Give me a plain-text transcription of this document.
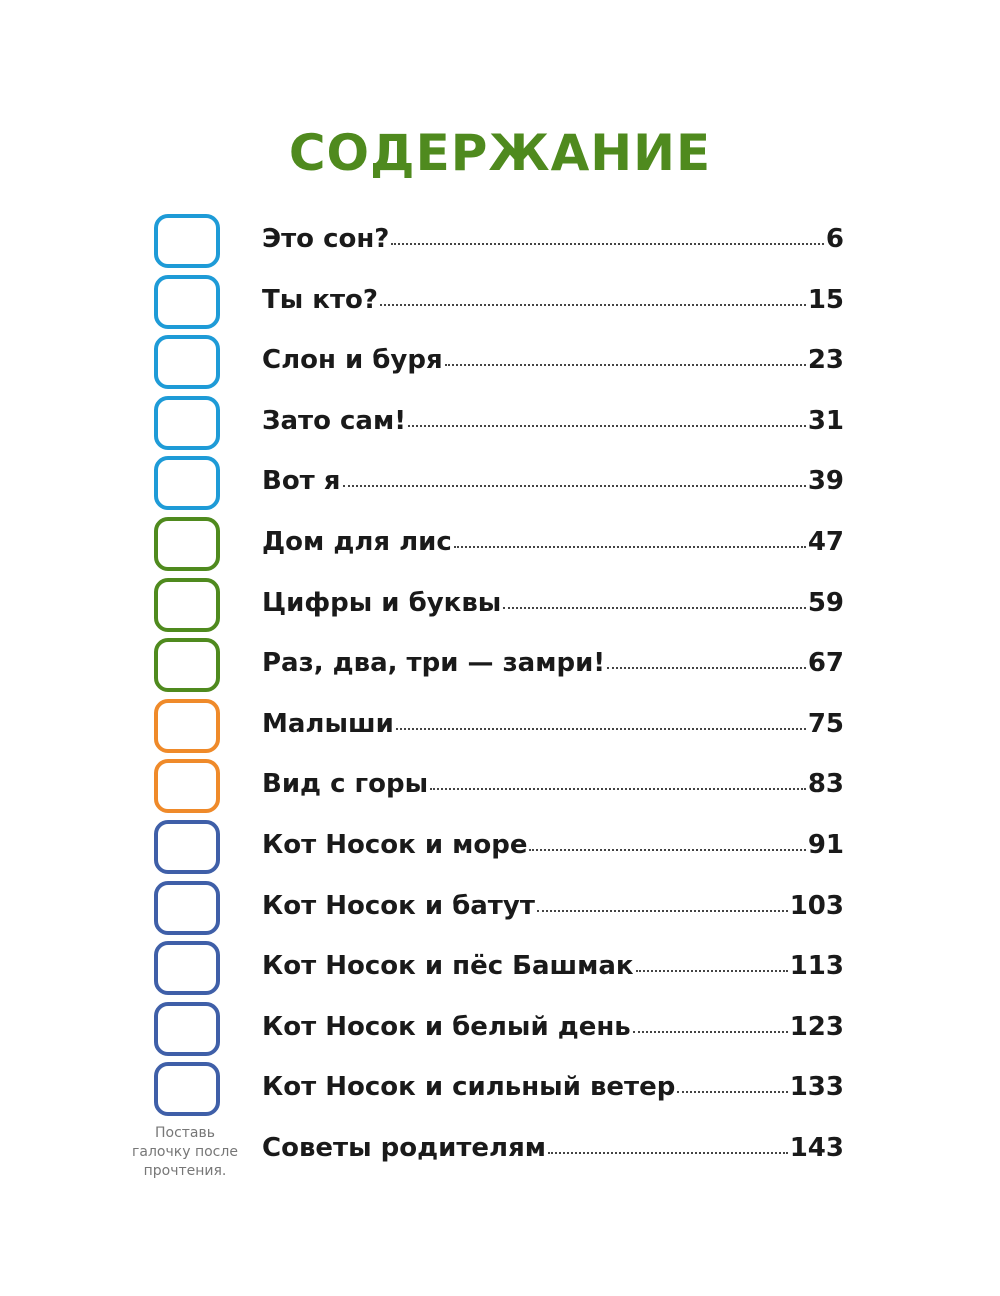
СОДЕРЖАНИЕ
Это сон?	6
Ты кто?	15
Слон и буря	23
Зато сам!	31
Вот я	39
Дом для лис	47
Цифры и буквы	59
Раз, два, три — замри!	67
Малыши	75
Вид с горы	83
Кот Носок и море	91
Кот Носок и батут	103
Кот Носок и пёс Башмак	113
Кот Носок и белый день	123
Кот Носок и сильный ветер	133
Советы родителям	143
Поставь галочку после прочтения.
